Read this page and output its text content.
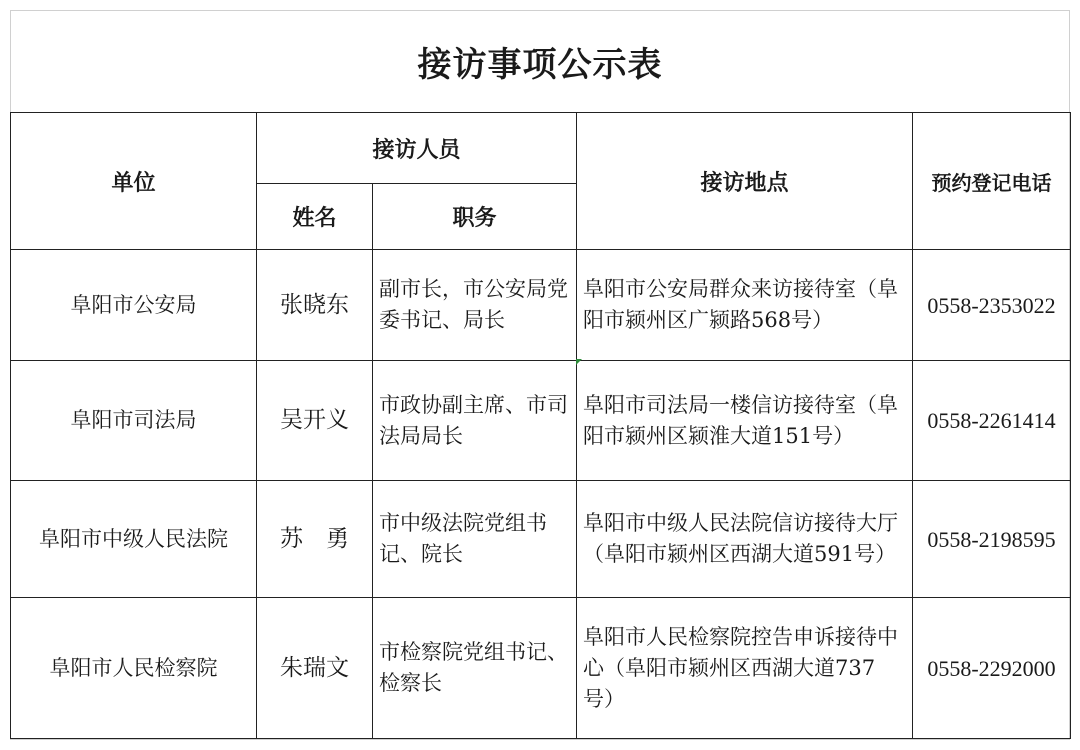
接访事项公示表
单位	接访人员		接访地点	预约登记电话
	姓名	职务		
阜阳市公安局	张晓东	副市长，市公安局党委书记、局长	阜阳市公安局群众来访接待室（阜阳市颍州区广颍路568号）	0558-2353022
阜阳市司法局	吴开义	市政协副主席、市司法局局长	阜阳市司法局一楼信访接待室（阜阳市颍州区颍淮大道151号）	0558-2261414
阜阳市中级人民法院	苏　勇	市中级法院党组书记、院长	阜阳市中级人民法院信访接待大厅（阜阳市颍州区西湖大道591号）	0558-2198595
阜阳市人民检察院	朱瑞文	市检察院党组书记、检察长	阜阳市人民检察院控告申诉接待中心（阜阳市颍州区西湖大道737号）	0558-2292000
